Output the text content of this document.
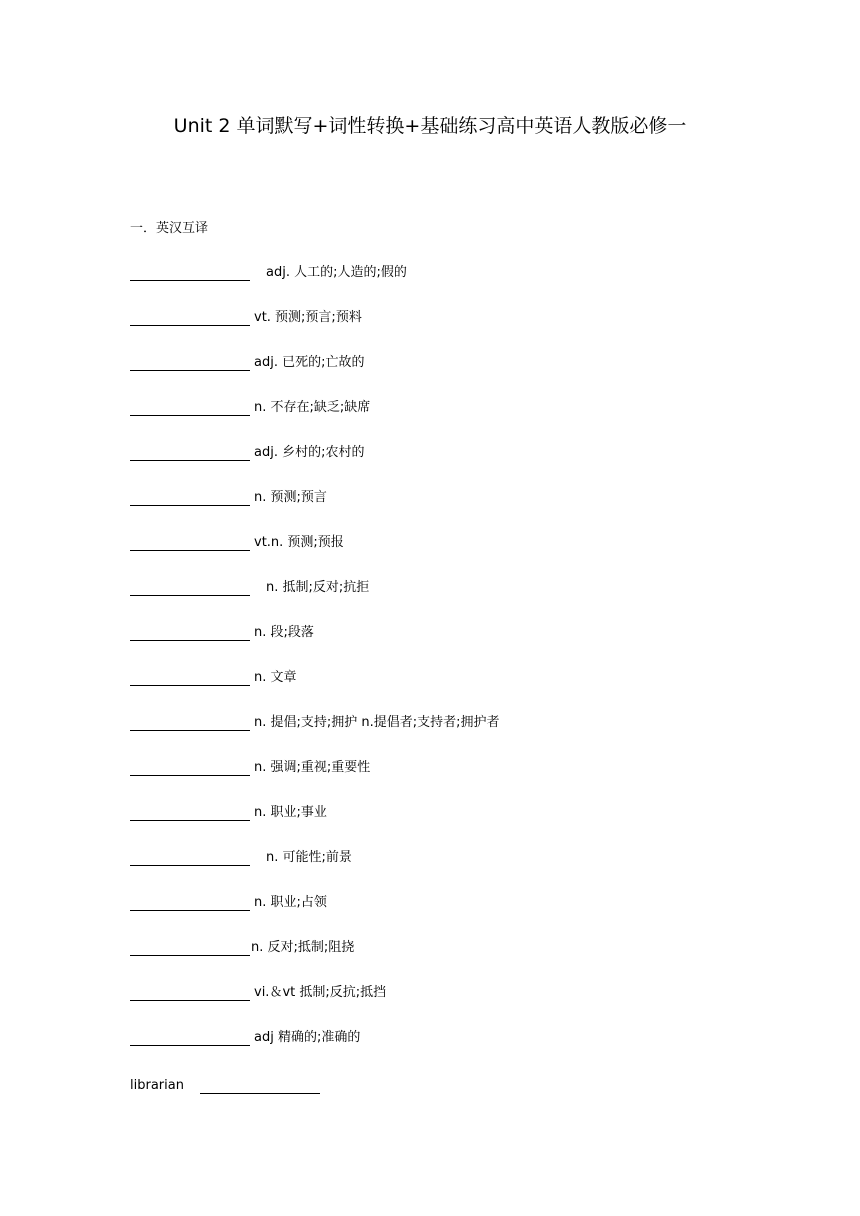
Unit 2 单词默写+词性转换+基础练习高中英语人教版必修一
一．英汉互译
adj. 人工的;人造的;假的
vt. 预测;预言;预料
adj. 已死的;亡故的
n. 不存在;缺乏;缺席
adj. 乡村的;农村的
n. 预测;预言
vt.n. 预测;预报
n. 抵制;反对;抗拒
n. 段;段落
n. 文章
n. 提倡;支持;拥护 n.提倡者;支持者;拥护者
n. 强调;重视;重要性
n. 职业;事业
n. 可能性;前景
n. 职业;占领
n. 反对;抵制;阻挠
vi.＆vt 抵制;反抗;抵挡
adj 精确的;准确的
librarian
